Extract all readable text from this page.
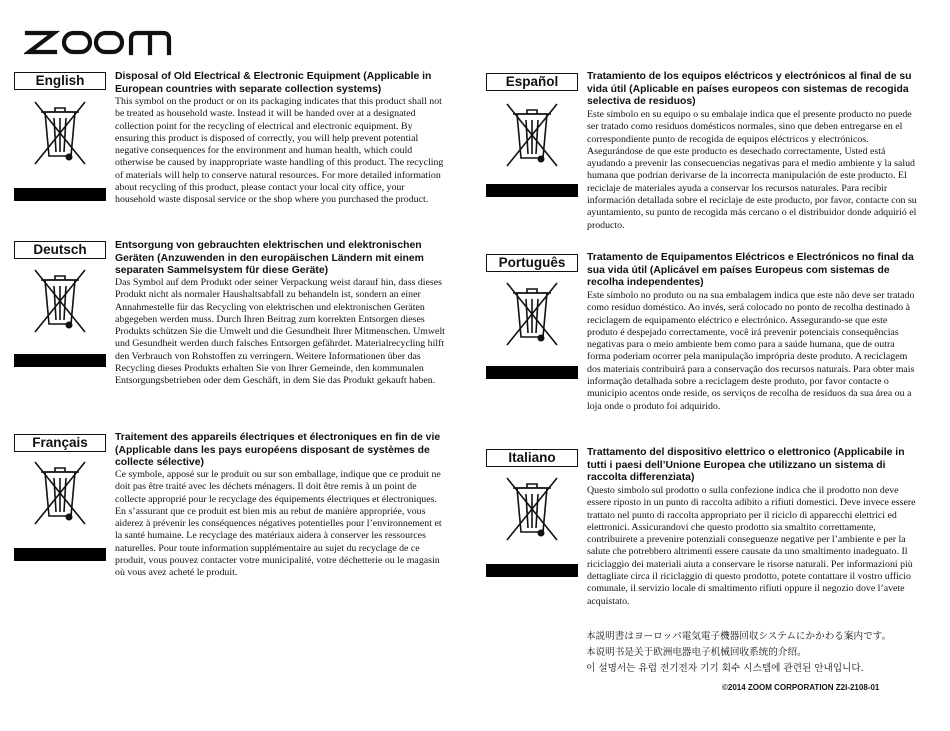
English	Disposal of Old Electrical & Electronic Equipment (Applicable in European countries with separate collection systems)

This symbol on the product or on its packaging indicates that this product shall not be treated as household waste. Instead it will be handed over at a designated collection point for the recycling of electrical and electronic equipment. By ensuring this product is disposed of correctly, you will help prevent potential negative consequences for the environment and human health, which could otherwise be caused by inappropriate waste handling of this product. The recycling of materials will help to conserve natural resources. For more detailed information about recycling of this product, please contact your local city office, your household waste disposal service or the shop where you purchased the product.

Deutsch	Entsorgung von gebrauchten elektrischen und elektronischen Geräten (Anzuwenden in den europäischen Ländern mit einem separaten Sammelsystem für diese Geräte)

Das Symbol auf dem Produkt oder seiner Verpackung weist darauf hin, dass dieses Produkt nicht als normaler Haushaltsabfall zu behandeln ist, sondern an einer Annahmestelle für das Recycling von elektrischen und elektronischen Geräten abgegeben werden muss. Durch Ihren Beitrag zum korrekten Entsorgen dieses Produkts schützen Sie die Umwelt und die Gesundheit Ihrer Mitmenschen. Umwelt und Gesundheit werden durch falsches Entsorgen gefährdet. Materialrecycling hilft den Verbrauch von Rohstoffen zu verringern. Weitere Informationen über das Recycling dieses Produkts erhalten Sie von Ihrer Gemeinde, den kommunalen Entsorgungsbetrieben oder dem Geschäft, in dem Sie das Produkt gekauft haben.

Français	Traitement des appareils électriques et électroniques en fin de vie (Applicable dans les pays européens disposant de systèmes de collecte sélective)

Ce symbole, apposé sur le produit ou sur son emballage, indique que ce produit ne doit pas être traité avec les déchets ménagers. Il doit être remis à un point de collecte approprié pour le recyclage des équipements électriques et électroniques. En s’assurant que ce produit est bien mis au rebut de manière appropriée, vous aiderez à prévenir les conséquences négatives potentielles pour l’environnement et la santé humaine. Le recyclage des matériaux aidera à conserver les ressources naturelles. Pour toute information supplémentaire au sujet du recyclage de ce produit, vous pouvez contacter votre municipalité, votre déchetterie ou le magasin où vous avez acheté le produit.

Español	Tratamiento de los equipos eléctricos y electrónicos al final de su vida útil (Aplicable en países europeos con sistemas de recogida selectiva de residuos)

Este símbolo en su equipo o su embalaje indica que el presente producto no puede ser tratado como residuos domésticos normales, sino que deben entregarse en el correspondiente punto de recogida de equipos eléctricos y electrónicos. Asegurándose de que este producto es desechado correctamente, Usted está ayudando a prevenir las consecuencias negativas para el medio ambiente y la salud humana que podrían derivarse de la incorrecta manipulación de este producto. El reciclaje de materiales ayuda a conservar los recursos naturales. Para recibir información detallada sobre el reciclaje de este producto, por favor, contacte con su ayuntamiento, su punto de recogida más cercano o el distribuidor donde adquirió el producto.

Português	Tratamento de Equipamentos Eléctricos e Electrónicos no final da sua vida útil (Aplicável em países Europeus com sistemas de recolha independentes)

Este símbolo no produto ou na sua embalagem indica que este não deve ser tratado como resíduo doméstico. Ao invés, será colocado no ponto de recolha destinado à reciclagem de equipamento eléctrico e electrónico. Assegurando-se que este produto é despejado correctamente, você irá prevenir potenciais consequências negativas para o meio ambiente bem como para a saúde humana, que de outra forma poderiam ocorrer pela manipulação imprópria deste produto. A reciclagem dos materiais contribuirá para a conservação dos recursos naturais. Para obter mais informação detalhada sobre a reciclagem deste produto, por favor contacte o município acentos onde reside, os serviços de recolha de resíduos da sua área ou a loja onde o produto foi adquirido.

Italiano	Trattamento del dispositivo elettrico o elettronico (Applicabile in tutti i paesi dell’Unione Europea che utilizzano un sistema di raccolta differenziata)

Questo simbolo sul prodotto o sulla confezione indica che il prodotto non deve essere riposto in un punto di raccolta adibito a rifiuti domestici. Deve invece essere trattato nel punto di raccolta appropriato per il riciclo di apparecchi elettrici ed elettronici. Assicurandovi che questo prodotto sia smaltito correttamente, contribuirete a prevenire potenziali conseguenze negative per l’ambiente e per la salute che potrebbero altrimenti essere causate da uno smaltimento inadeguato. Il riciclaggio dei materiali aiuta a conservare le risorse naturali. Per informazioni più dettagliate circa il riciclaggio di questo prodotto, potete contattare il vostro ufficio comunale, il servizio locale di smaltimento rifiuti oppure il negozio dove l’avete acquistato.

本説明書はヨーロッパ電気電子機器回収システムにかかわる案内です。
本说明书是关于欧洲电器电子机械回收系统的介绍。
이 설명서는 유럽 전기전자 기기 회수 시스템에 관련된 안내입니다.
©2014 ZOOM CORPORATION Z2I-2108-01
